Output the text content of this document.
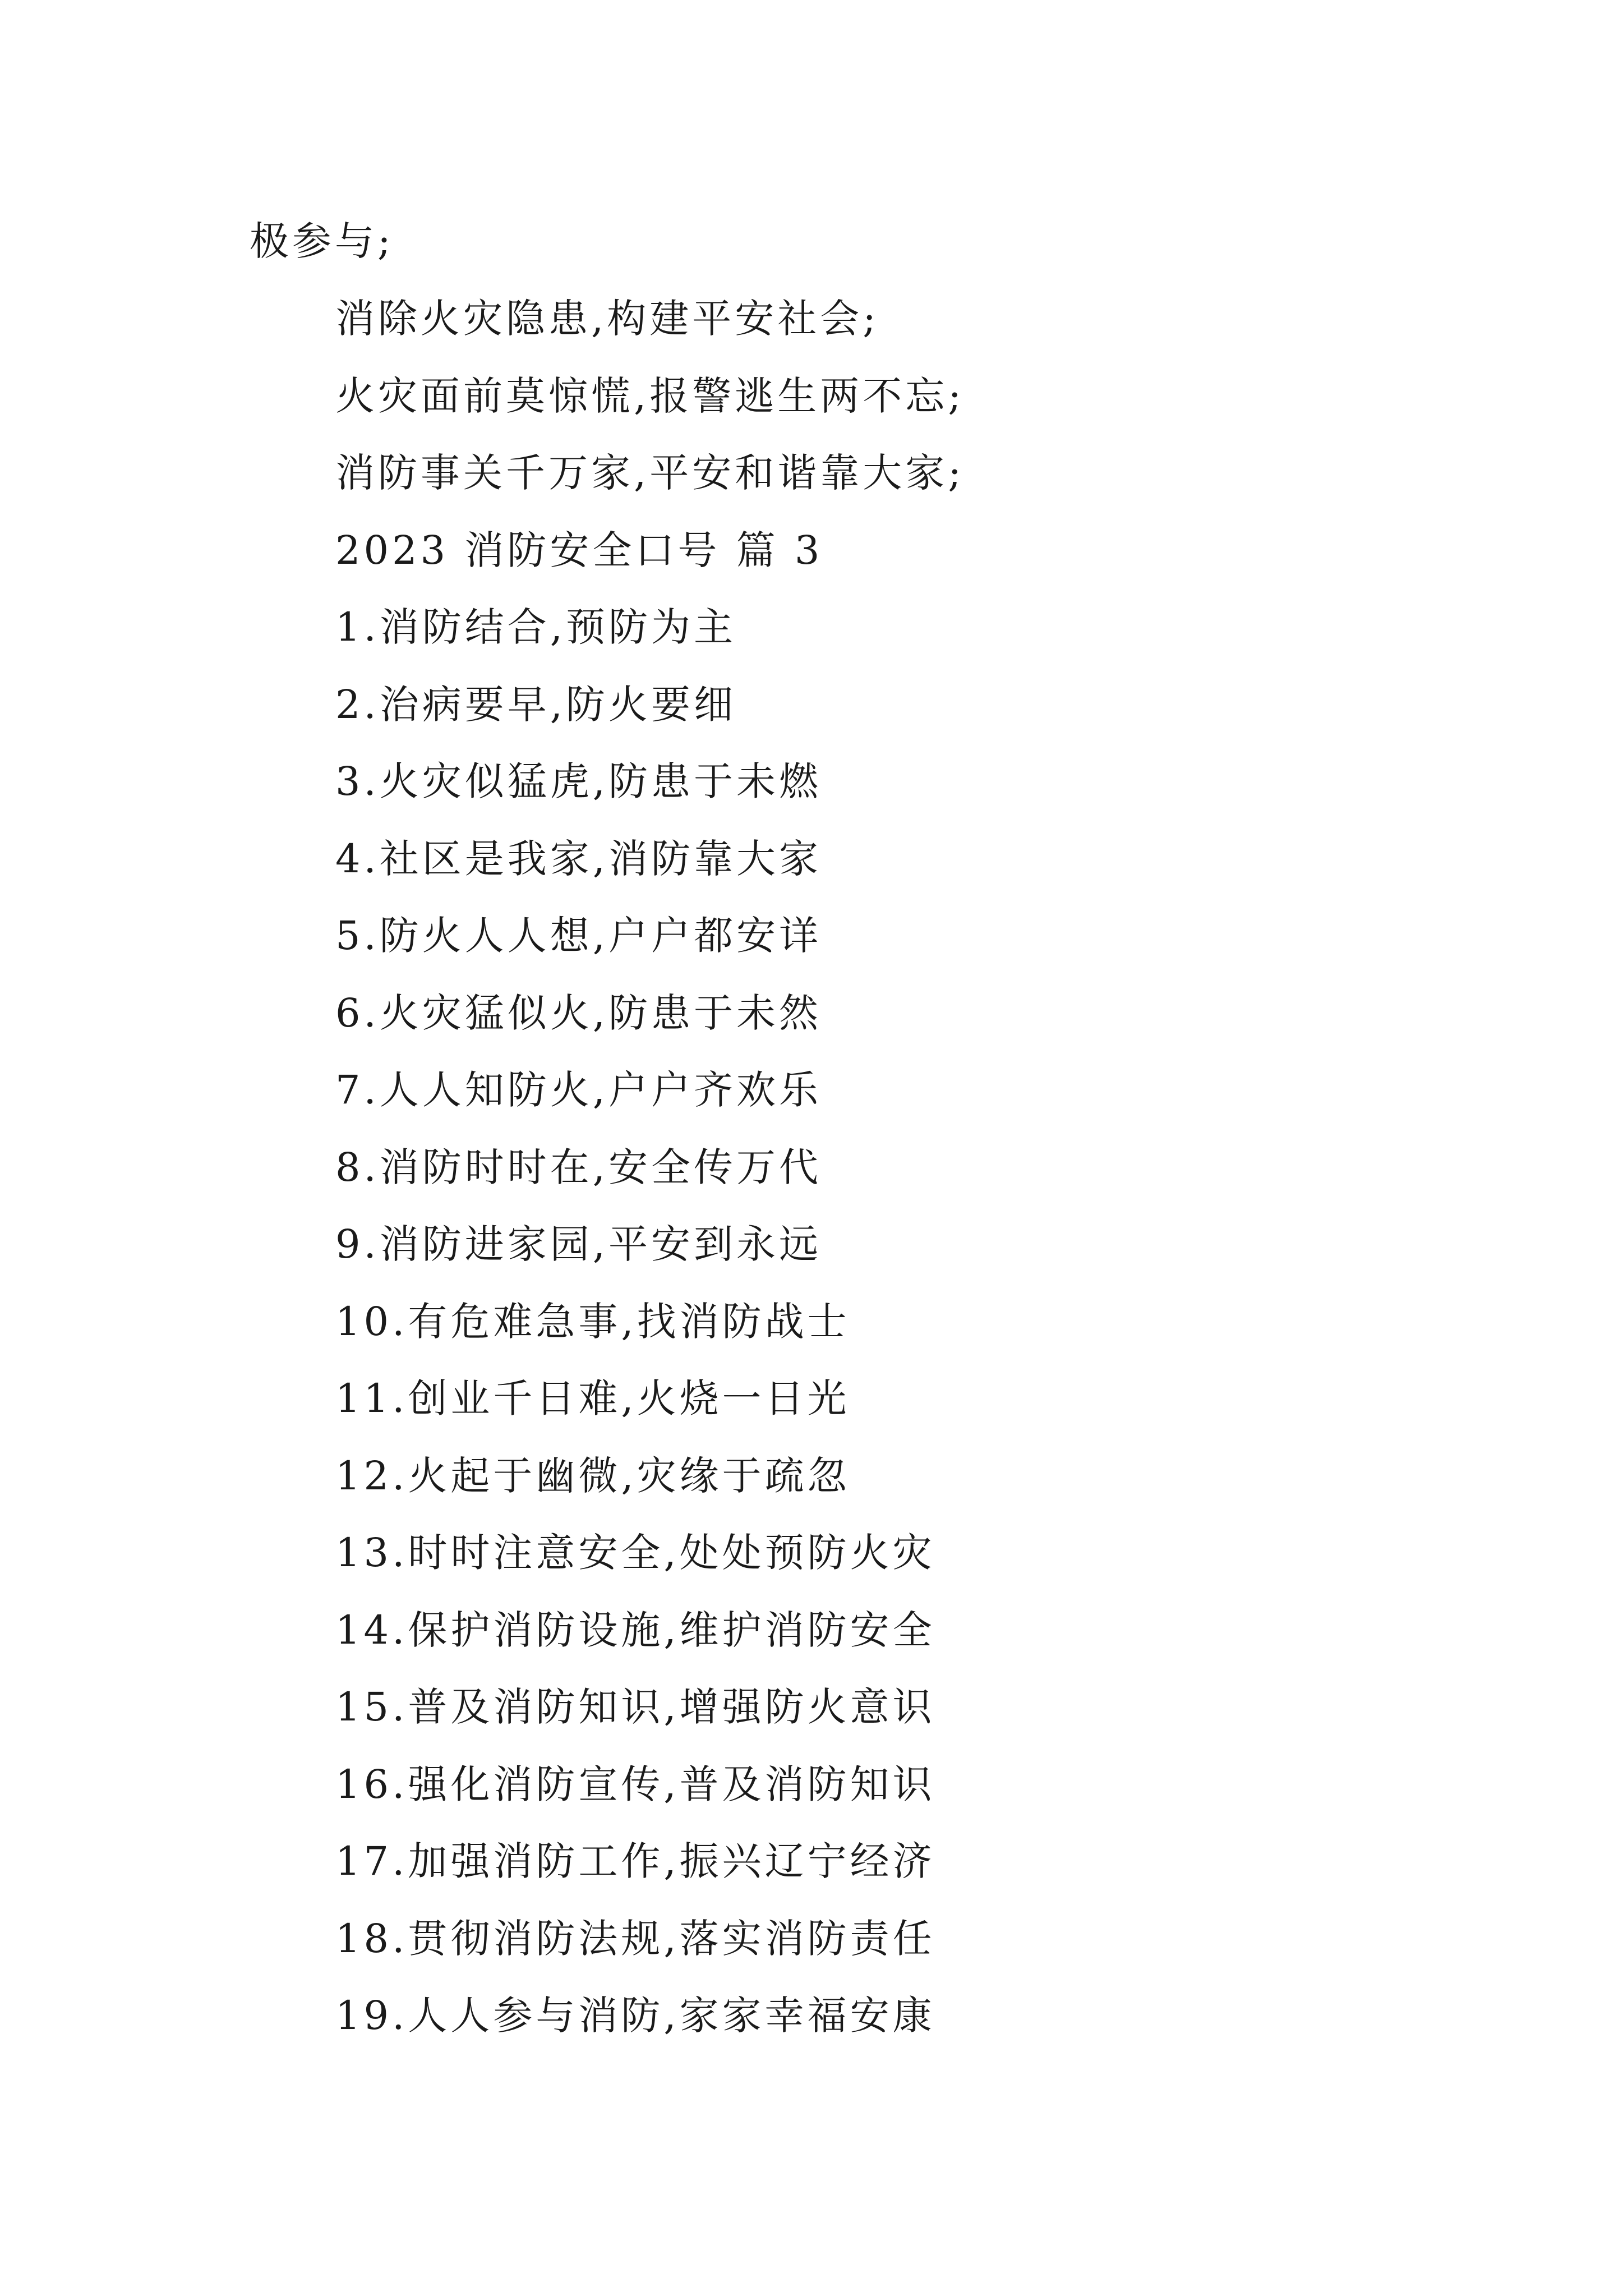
极参与;
消除火灾隐患,构建平安社会;
火灾面前莫惊慌,报警逃生两不忘;
消防事关千万家,平安和谐靠大家;
2023 消防安全口号 篇 3
1.消防结合,预防为主
2.治病要早,防火要细
3.火灾似猛虎,防患于未燃
4.社区是我家,消防靠大家
5.防火人人想,户户都安详
6.火灾猛似火,防患于未然
7.人人知防火,户户齐欢乐
8.消防时时在,安全传万代
9.消防进家园,平安到永远
10.有危难急事,找消防战士
11.创业千日难,火烧一日光
12.火起于幽微,灾缘于疏忽
13.时时注意安全,处处预防火灾
14.保护消防设施,维护消防安全
15.普及消防知识,增强防火意识
16.强化消防宣传,普及消防知识
17.加强消防工作,振兴辽宁经济
18.贯彻消防法规,落实消防责任
19.人人参与消防,家家幸福安康
